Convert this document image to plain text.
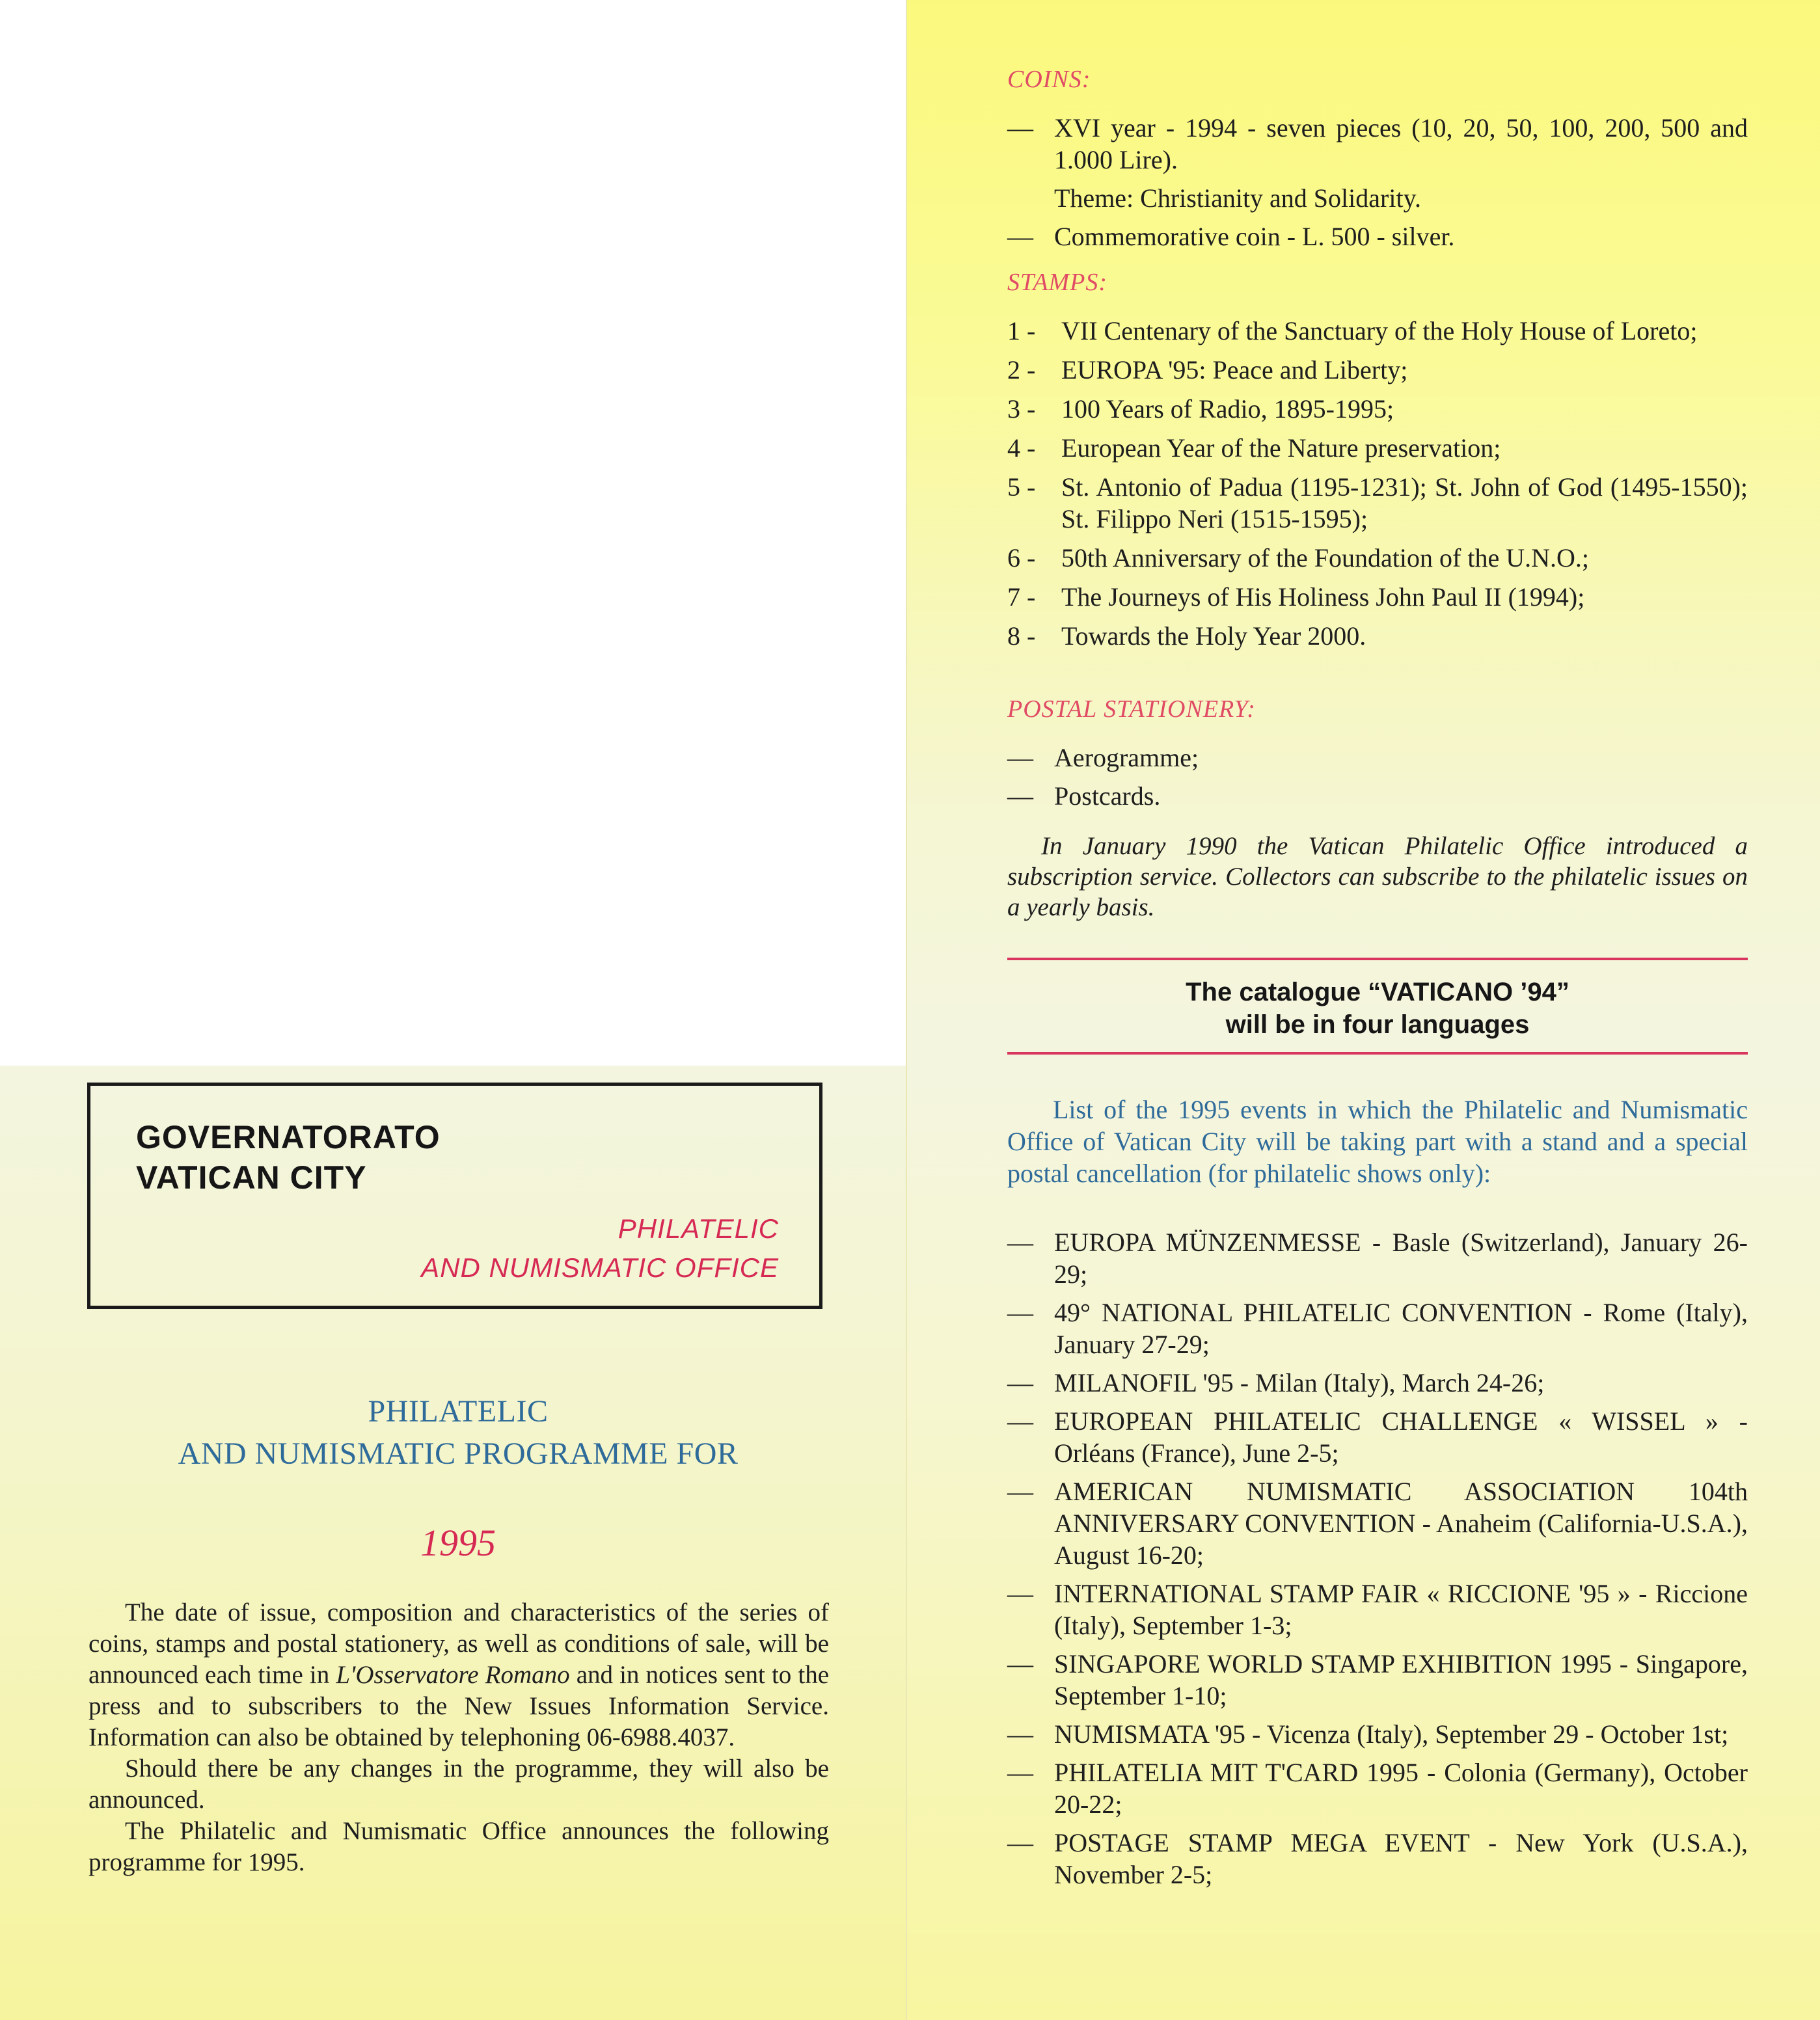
GOVERNATORATO
VATICAN CITY
PHILATELIC
AND NUMISMATIC OFFICE
PHILATELIC
AND NUMISMATIC PROGRAMME FOR
1995

The date of issue, composition and characteristics of the series of coins, stamps and postal stationery, as well as conditions of sale, will be announced each time in L'Osservatore Romano and in notices sent to the press and to subscribers to the New Issues Information Service. Information can also be obtained by telephoning 06-6988.4037.

Should there be any changes in the programme, they will also be announced.

The Philatelic and Numismatic Office announces the following programme for 1995.

COINS:
— XVI year - 1994 - seven pieces (10, 20, 50, 100, 200, 500 and 1.000 Lire).
Theme: Christianity and Solidarity.
— Commemorative coin - L. 500 - silver.
STAMPS:
1 - VII Centenary of the Sanctuary of the Holy House of Loreto;
2 - EUROPA '95: Peace and Liberty;
3 - 100 Years of Radio, 1895-1995;
4 - European Year of the Nature preservation;
5 - St. Antonio of Padua (1195-1231); St. John of God (1495-1550); St. Filippo Neri (1515-1595);
6 - 50th Anniversary of the Foundation of the U.N.O.;
7 - The Journeys of His Holiness John Paul II (1994);
8 - Towards the Holy Year 2000.
POSTAL STATIONERY:
— Aerogramme;
— Postcards.
In January 1990 the Vatican Philatelic Office introduced a subscription service. Collectors can subscribe to the philatelic issues on a yearly basis.
The catalogue “VATICANO ’94”
will be in four languages
List of the 1995 events in which the Philatelic and Numismatic Office of Vatican City will be taking part with a stand and a special postal cancellation (for philatelic shows only):
— EUROPA MÜNZENMESSE - Basle (Switzerland), January 26-29;
— 49° NATIONAL PHILATELIC CONVENTION - Rome (Italy), January 27-29;
— MILANOFIL '95 - Milan (Italy), March 24-26;
— EUROPEAN PHILATELIC CHALLENGE « WISSEL » - Orléans (France), June 2-5;
— AMERICAN NUMISMATIC ASSOCIATION 104th ANNIVERSARY CONVENTION - Anaheim (California-U.S.A.), August 16-20;
— INTERNATIONAL STAMP FAIR « RICCIONE '95 » - Riccione (Italy), September 1-3;
— SINGAPORE WORLD STAMP EXHIBITION 1995 - Singapore, September 1-10;
— NUMISMATA '95 - Vicenza (Italy), September 29 - October 1st;
— PHILATELIA MIT T'CARD 1995 - Colonia (Germany), October 20-22;
— POSTAGE STAMP MEGA EVENT - New York (U.S.A.), November 2-5;
